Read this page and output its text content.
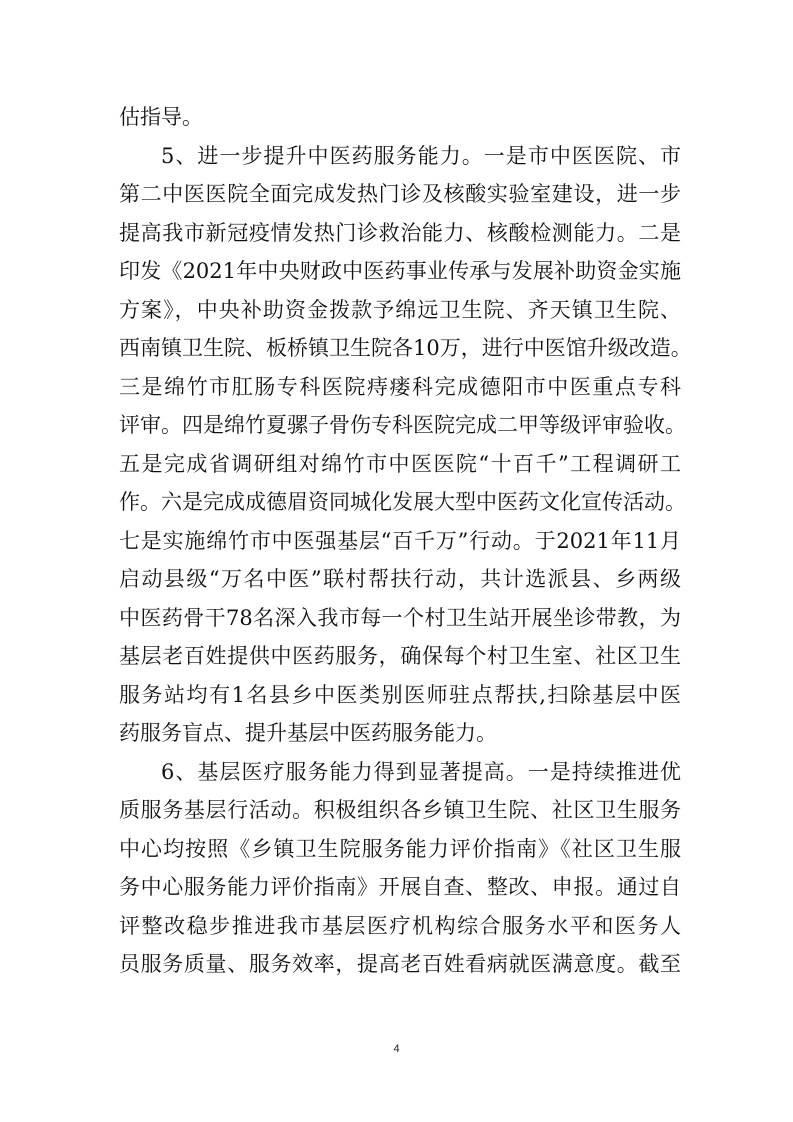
估指导。
5、进一步提升中医药服务能力。一是市中医医院、市
第二中医医院全面完成发热门诊及核酸实验室建设，进一步
提高我市新冠疫情发热门诊救治能力、核酸检测能力。二是
印发《2021年中央财政中医药事业传承与发展补助资金实施
方案》，中央补助资金拨款予绵远卫生院、齐天镇卫生院、
西南镇卫生院、板桥镇卫生院各10万，进行中医馆升级改造。
三是绵竹市肛肠专科医院痔瘘科完成德阳市中医重点专科
评审。四是绵竹夏骡子骨伤专科医院完成二甲等级评审验收。
五是完成省调研组对绵竹市中医医院“十百千”工程调研工
作。六是完成成德眉资同城化发展大型中医药文化宣传活动。
七是实施绵竹市中医强基层“百千万”行动。于2021年11月
启动县级“万名中医”联村帮扶行动，共计选派县、乡两级
中医药骨干78名深入我市每一个村卫生站开展坐诊带教，为
基层老百姓提供中医药服务，确保每个村卫生室、社区卫生
服务站均有1名县乡中医类别医师驻点帮扶,扫除基层中医
药服务盲点、提升基层中医药服务能力。
6、基层医疗服务能力得到显著提高。一是持续推进优
质服务基层行活动。积极组织各乡镇卫生院、社区卫生服务
中心均按照《乡镇卫生院服务能力评价指南》《社区卫生服
务中心服务能力评价指南》开展自查、整改、申报。通过自
评整改稳步推进我市基层医疗机构综合服务水平和医务人
员服务质量、服务效率，提高老百姓看病就医满意度。截至
4
